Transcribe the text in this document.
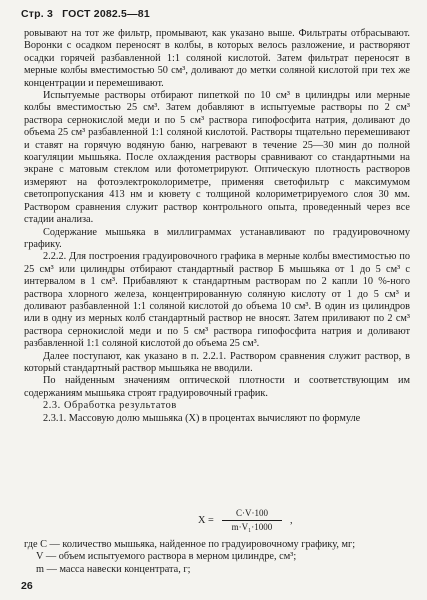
Стр. 3 ГОСТ 2082.5—81

ровывают на тот же фильтр, промывают, как указано выше. Фильтраты отбрасывают. Воронки с осадком переносят в колбы, в которых велось разложение, и растворяют осадки горячей разбавленной 1:1 соляной кислотой. Затем фильтрат переносят в мерные колбы вместимостью 50 см³, доливают до метки соляной кислотой при тех же концентрации и перемешивают.

Испытуемые растворы отбирают пипеткой по 10 см³ в цилиндры или мерные колбы вместимостью 25 см³. Затем добавляют в испытуемые растворы по 2 см³ раствора сернокислой меди и по 5 см³ раствора гипофосфита натрия, доливают до объема 25 см³ разбавленной 1:1 соляной кислотой. Растворы тщательно перемешивают и ставят на горячую водяную баню, нагревают в течение 25—30 мин до полной коагуляции мышьяка. После охлаждения растворы сравнивают со стандартными на экране с матовым стеклом или фотометрируют. Оптическую плотность растворов измеряют на фотоэлектроколориметре, применяя светофильтр с максимумом светопропускания 413 нм и кювету с толщиной колориметрируемого слоя 30 мм. Раствором сравнения служит раствор контрольного опыта, проведенный через все стадии анализа.

Содержание мышьяка в миллиграммах устанавливают по градуировочному графику.

2.2.2. Для построения градуировочного графика в мерные колбы вместимостью по 25 см³ или цилиндры отбирают стандартный раствор Б мышьяка от 1 до 5 см³ с интервалом в 1 см³. Прибавляют к стандартным растворам по 2 капли 10 %-ного раствора хлорного железа, концентрированную соляную кислоту от 1 до 5 см³ и доливают разбавленной 1:1 соляной кислотой до объема 10 см³. В один из цилиндров или в одну из мерных колб стандартный раствор не вносят. Затем приливают по 2 см³ раствора сернокислой меди и по 5 см³ раствора гипофосфита натрия и доливают разбавленной 1:1 соляной кислотой до объема 25 см³.

Далее поступают, как указано в п. 2.2.1. Раствором сравнения служит раствор, в который стандартный раствор мышьяка не вводили.

По найденным значениям оптической плотности и соответствующим им содержаниям мышьяка строят градуировочный график.

2.3. Обработка результатов

2.3.1. Массовую долю мышьяка (X) в процентах вычисляют по формуле

X =
C·V·100
m·V₁·1000
,

где C — количество мышьяка, найденное по градуировочному графику, мг;

V — объем испытуемого раствора в мерном цилиндре, см³;

m — масса навески концентрата, г;

26
